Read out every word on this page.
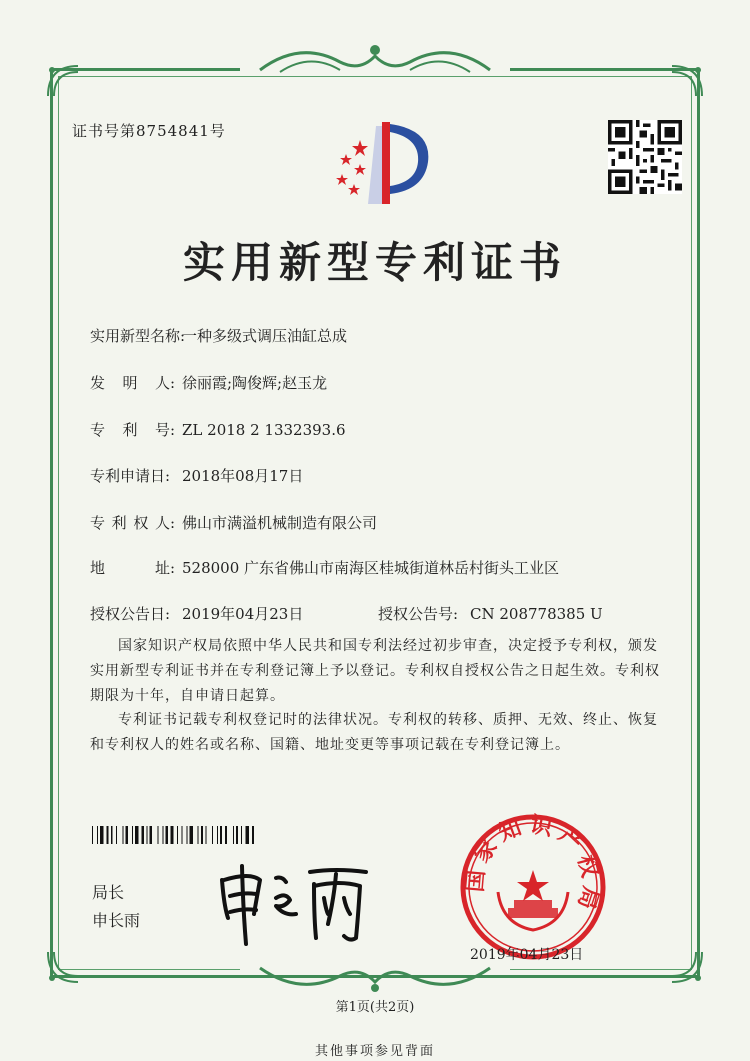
证书号第8754841号
实用新型专利证书
实用新型名称:一种多级式调压油缸总成
发 明 人 : 徐丽霞;陶俊辉;赵玉龙
专 利 号 : ZL 2018 2 1332393.6
专利申请日: 2018年08月17日
专 利 权 人 : 佛山市满溢机械制造有限公司
地	址 : 528000 广东省佛山市南海区桂城街道林岳村街头工业区
授权公告日: 2019年04月23日	授权公告号: CN 208778385 U
国家知识产权局依照中华人民共和国专利法经过初步审查，决定授予专利权，颁发实用新型专利证书并在专利登记簿上予以登记。专利权自授权公告之日起生效。专利权期限为十年，自申请日起算。
专利证书记载专利权登记时的法律状况。专利权的转移、质押、无效、终止、恢复和专利权人的姓名或名称、国籍、地址变更等事项记载在专利登记簿上。
局长
申长雨
国家知识产权局
2019年04月23日
第1页(共2页)
其他事项参见背面
